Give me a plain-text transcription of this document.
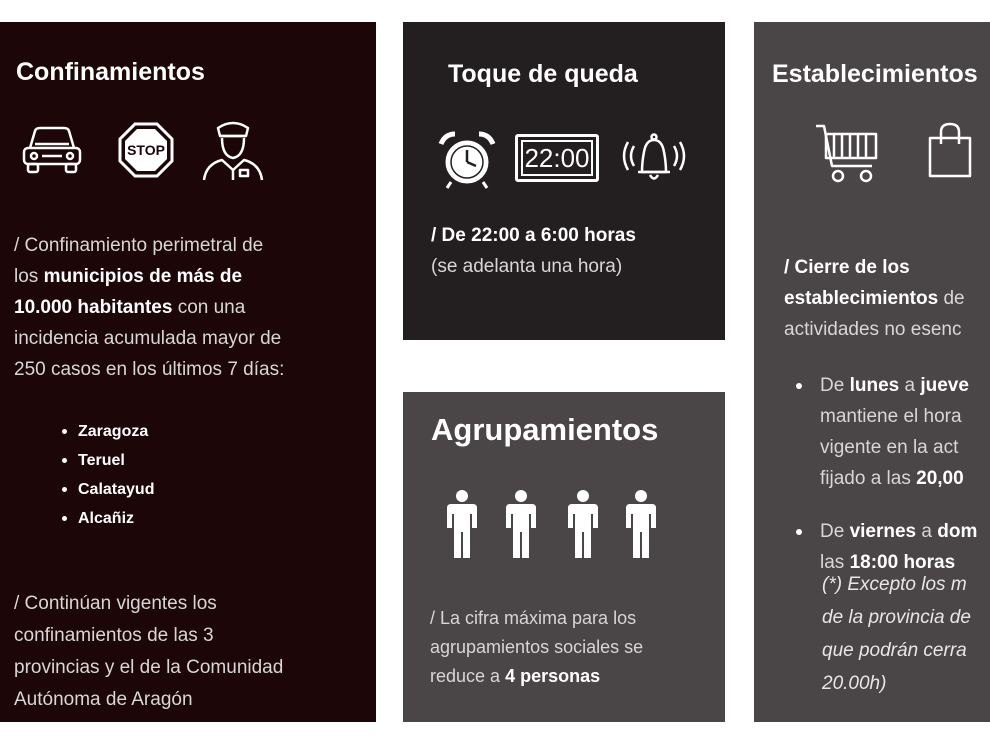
Confinamientos
STOP
/ Confinamiento perimetral de
los municipios de más de
10.000 habitantes con una
incidencia acumulada mayor de
250 casos en los últimos 7 días:
Zaragoza
Teruel
Calatayud
Alcañiz
/ Continúan vigentes los
confinamientos de las 3
provincias y el de la Comunidad
Autónoma de Aragón
Toque de queda
22:00
/ De 22:00 a 6:00 horas
(se adelanta una hora)
Agrupamientos
/ La cifra máxima para los
agrupamientos sociales se
reduce a 4 personas
Establecimientos
/ Cierre de los
establecimientos de
actividades no esenc
De lunes a jueve
mantiene el hora
vigente en la act
fijado a las 20,00
De viernes a dom
las 18:00 horas
(*) Excepto los m
de la provincia de
que podrán cerra
20.00h)
